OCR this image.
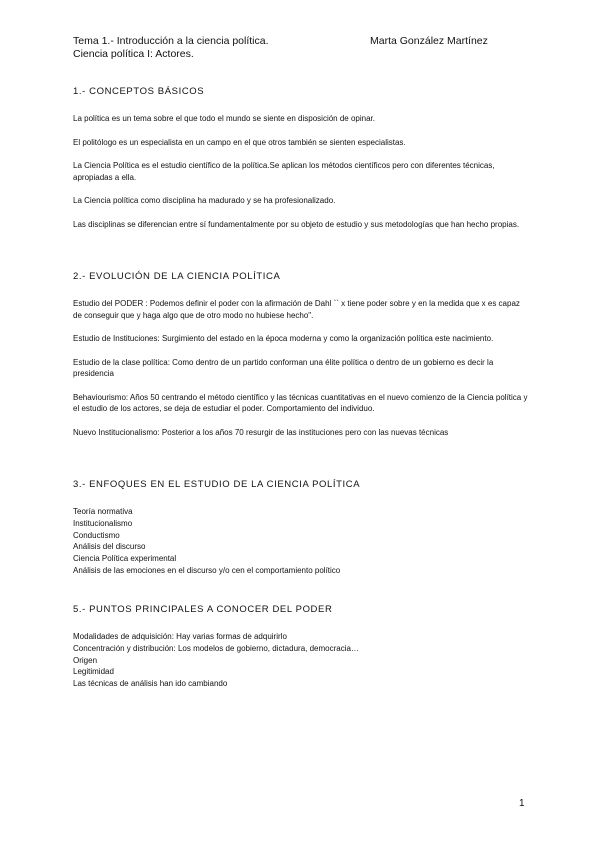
Tema 1.- Introducción a la ciencia política.
Ciencia política I: Actores.
Marta González Martínez
1.- CONCEPTOS BÁSICOS

La política es un tema sobre el que todo el mundo se siente en disposición de opinar.

El politólogo es un especialista en un campo en el que otros también se sienten especialistas.

La Ciencia Política es el estudio científico de la política.Se aplican los métodos científicos pero con diferentes técnicas, apropiadas a ella.

La Ciencia política como disciplina ha madurado y se ha profesionalizado.

Las disciplinas se diferencian entre sí fundamentalmente por su objeto de estudio y sus metodologías que han hecho propias.

2.- EVOLUCIÓN DE LA CIENCIA POLÍTICA

Estudio del PODER : Podemos definir el poder con la afirmación de Dahl `` x tiene poder sobre y en la medida que x es capaz de conseguir que y haga algo que de otro modo no hubiese hecho".

Estudio de Instituciones: Surgimiento del estado en la época moderna y como la organización política este nacimiento.

Estudio de la clase política: Como dentro de un partido conforman una élite política o dentro de un gobierno es decir la presidencia

Behaviourismo: Años 50 centrando el método científico y las técnicas cuantitativas en el nuevo comienzo de la Ciencia política y el estudio de los actores, se deja de estudiar el poder. Comportamiento del individuo.

Nuevo Institucionalismo: Posterior a los años 70 resurgir de las instituciones pero con las nuevas técnicas

3.- ENFOQUES EN EL ESTUDIO DE LA CIENCIA POLÍTICA
Teoría normativa
Institucionalismo
Conductismo
Análisis del discurso
Ciencia Política experimental
Análisis de las emociones en el discurso y/o cen el comportamiento político
5.- PUNTOS PRINCIPALES A CONOCER DEL PODER
Modalidades de adquisición: Hay varias formas de adquirirlo
Concentración y distribución: Los modelos de gobierno, dictadura, democracia…
Origen
Legitimidad
Las técnicas de análisis han ido cambiando
1
